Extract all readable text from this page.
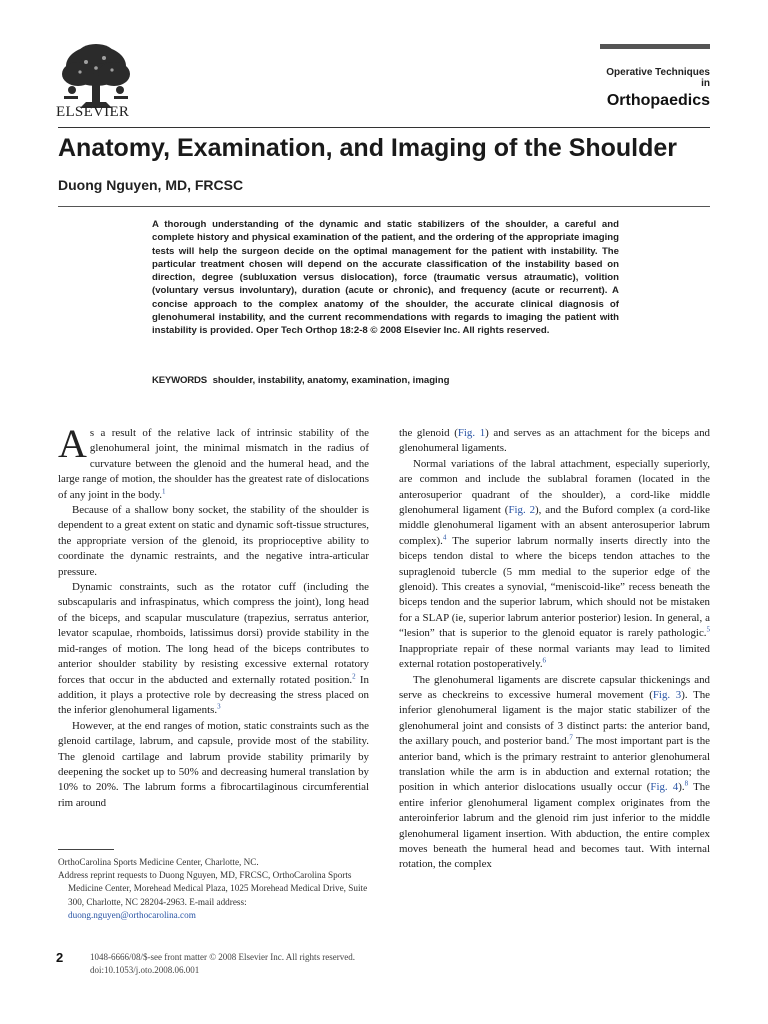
ELSEVIER
Operative Techniques in
Orthopaedics
Anatomy, Examination, and Imaging of the Shoulder
Duong Nguyen, MD, FRCSC

A thorough understanding of the dynamic and static stabilizers of the shoulder, a careful and complete history and physical examination of the patient, and the ordering of the appropriate imaging tests will help the surgeon decide on the optimal management for the patient with instability. The particular treatment chosen will depend on the accurate classification of the instability based on direction, degree (subluxation versus dislocation), force (traumatic versus atraumatic), volition (voluntary versus involuntary), duration (acute or chronic), and frequency (acute or recurrent). A concise approach to the complex anatomy of the shoulder, the accurate clinical diagnosis of glenohumeral instability, and the current recommendations with regards to imaging the patient with instability is provided. Oper Tech Orthop 18:2-8 © 2008 Elsevier Inc. All rights reserved.

KEYWORDS shoulder, instability, anatomy, examination, imaging

As a result of the relative lack of intrinsic stability of the glenohumeral joint, the minimal mismatch in the radius of curvature between the glenoid and the humeral head, and the large range of motion, the shoulder has the greatest rate of dislocations of any joint in the body.$^1$

Because of a shallow bony socket, the stability of the shoulder is dependent to a great extent on static and dynamic soft-tissue structures, the appropriate version of the glenoid, its proprioceptive ability to coordinate the dynamic restraints, and the negative intra-articular pressure.

Dynamic constraints, such as the rotator cuff (including the subscapularis and infraspinatus, which compress the joint), long head of the biceps, and scapular musculature (trapezius, serratus anterior, levator scapulae, rhomboids, latissimus dorsi) provide stability in the mid-ranges of motion. The long head of the biceps contributes to anterior shoulder stability by resisting excessive external rotatory forces that occur in the abducted and externally rotated position.$^2$ In addition, it plays a protective role by decreasing the stress placed on the inferior glenohumeral ligaments.$^3$

However, at the end ranges of motion, static constraints such as the glenoid cartilage, labrum, and capsule, provide most of the stability. The glenoid cartilage and labrum provide stability primarily by deepening the socket up to 50% and decreasing humeral translation by 10% to 20%. The labrum forms a fibrocartilaginous circumferential rim around

the glenoid (Fig. 1) and serves as an attachment for the biceps and glenohumeral ligaments.

Normal variations of the labral attachment, especially superiorly, are common and include the sublabral foramen (located in the anterosuperior quadrant of the shoulder), a cord-like middle glenohumeral ligament (Fig. 2), and the Buford complex (a cord-like middle glenohumeral ligament with an absent anterosuperior labrum complex).$^4$ The superior labrum normally inserts directly into the biceps tendon distal to where the biceps tendon attaches to the supraglenoid tubercle (5 mm medial to the superior edge of the glenoid). This creates a synovial, “meniscoid-like” recess beneath the biceps tendon and the superior labrum, which should not be mistaken for a SLAP (ie, superior labrum anterior posterior) lesion. In general, a “lesion” that is superior to the glenoid equator is rarely pathologic.$^5$ Inappropriate repair of these normal variants may lead to limited external rotation postoperatively.$^6$

The glenohumeral ligaments are discrete capsular thickenings and serve as checkreins to excessive humeral movement (Fig. 3). The inferior glenohumeral ligament is the major static stabilizer of the glenohumeral joint and consists of 3 distinct parts: the anterior band, the axillary pouch, and posterior band.$^7$ The most important part is the anterior band, which is the primary restraint to anterior glenohumeral translation while the arm is in abduction and external rotation; the position in which anterior dislocations usually occur (Fig. 4).$^8$ The entire inferior glenohumeral ligament complex originates from the anteroinferior labrum and the glenoid rim just inferior to the middle glenohumeral ligament insertion. With abduction, the entire complex moves beneath the humeral head and becomes taut. With internal rotation, the complex

OrthoCarolina Sports Medicine Center, Charlotte, NC.

Address reprint requests to Duong Nguyen, MD, FRCSC, OrthoCarolina Sports Medicine Center, Morehead Medical Plaza, 1025 Morehead Medical Drive, Suite 300, Charlotte, NC 28204-2963. E-mail address: duong.nguyen@orthocarolina.com

2	1048-6666/08/$-see front matter © 2008 Elsevier Inc. All rights reserved.
doi:10.1053/j.oto.2008.06.001
